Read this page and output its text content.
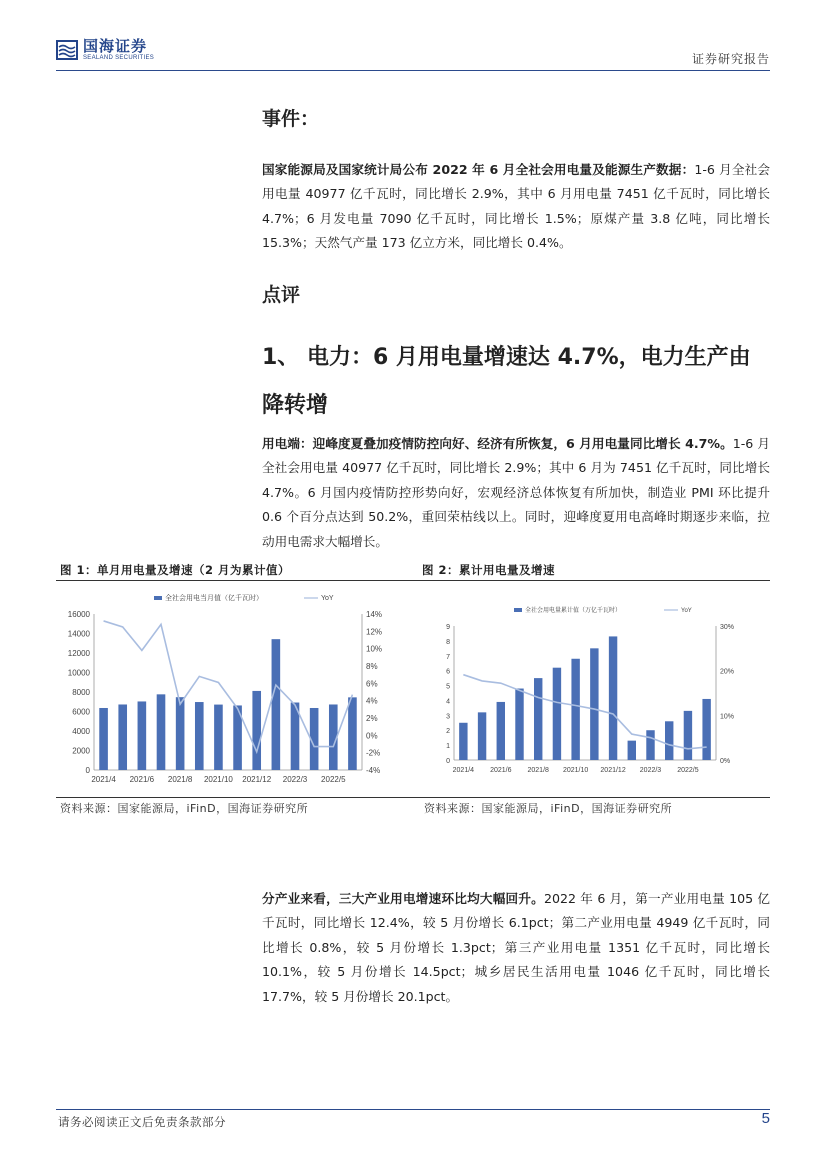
国海证券
SEALAND SECURITIES	证券研究报告
事件：
国家能源局及国家统计局公布 2022 年 6 月全社会用电量及能源生产数据：1-6 月全社会用电量 40977 亿千瓦时，同比增长 2.9%，其中 6 月用电量 7451 亿千瓦时，同比增长 4.7%；6 月发电量 7090 亿千瓦时，同比增长 1.5%；原煤产量 3.8 亿吨，同比增长 15.3%；天然气产量 173 亿立方米，同比增长 0.4%。
点评
1、 电力：6 月用电量增速达 4.7%，电力生产由降转增
用电端：迎峰度夏叠加疫情防控向好、经济有所恢复，6 月用电量同比增长 4.7%。1-6 月全社会用电量 40977 亿千瓦时，同比增长 2.9%；其中 6 月为 7451 亿千瓦时，同比增长 4.7%。6 月国内疫情防控形势向好，宏观经济总体恢复有所加快，制造业 PMI 环比提升 0.6 个百分点达到 50.2%，重回荣枯线以上。同时，迎峰度夏用电高峰时期逐步来临，拉动用电需求大幅增长。
图 1：单月用电量及增速（2 月为累计值）	图 2：累计用电量及增速
全社会用电当月值（亿千瓦时）	YoY
0
2000
4000
6000
8000
10000
12000
14000
16000
-4%
-2%
0%
2%
4%
6%
8%
10%
12%
14%
2021/4 2021/6 2021/8 2021/10 2021/12 2022/3 2022/5
全社会用电量累计值（万亿千瓦时）	YoY
0
1
2
3
4
5
6
7
8
9
0%
10%
20%
30%
2021/4 2021/6 2021/8 2021/10 2021/12 2022/3 2022/5
资料来源：国家能源局，iFinD，国海证券研究所	资料来源：国家能源局，iFinD，国海证券研究所
分产业来看，三大产业用电增速环比均大幅回升。2022 年 6 月，第一产业用电量 105 亿千瓦时，同比增长 12.4%，较 5 月份增长 6.1pct；第二产业用电量 4949 亿千瓦时，同比增长 0.8%，较 5 月份增长 1.3pct；第三产业用电量 1351 亿千瓦时，同比增长 10.1%，较 5 月份增长 14.5pct；城乡居民生活用电量 1046 亿千瓦时，同比增长 17.7%，较 5 月份增长 20.1pct。
请务必阅读正文后免责条款部分	5
